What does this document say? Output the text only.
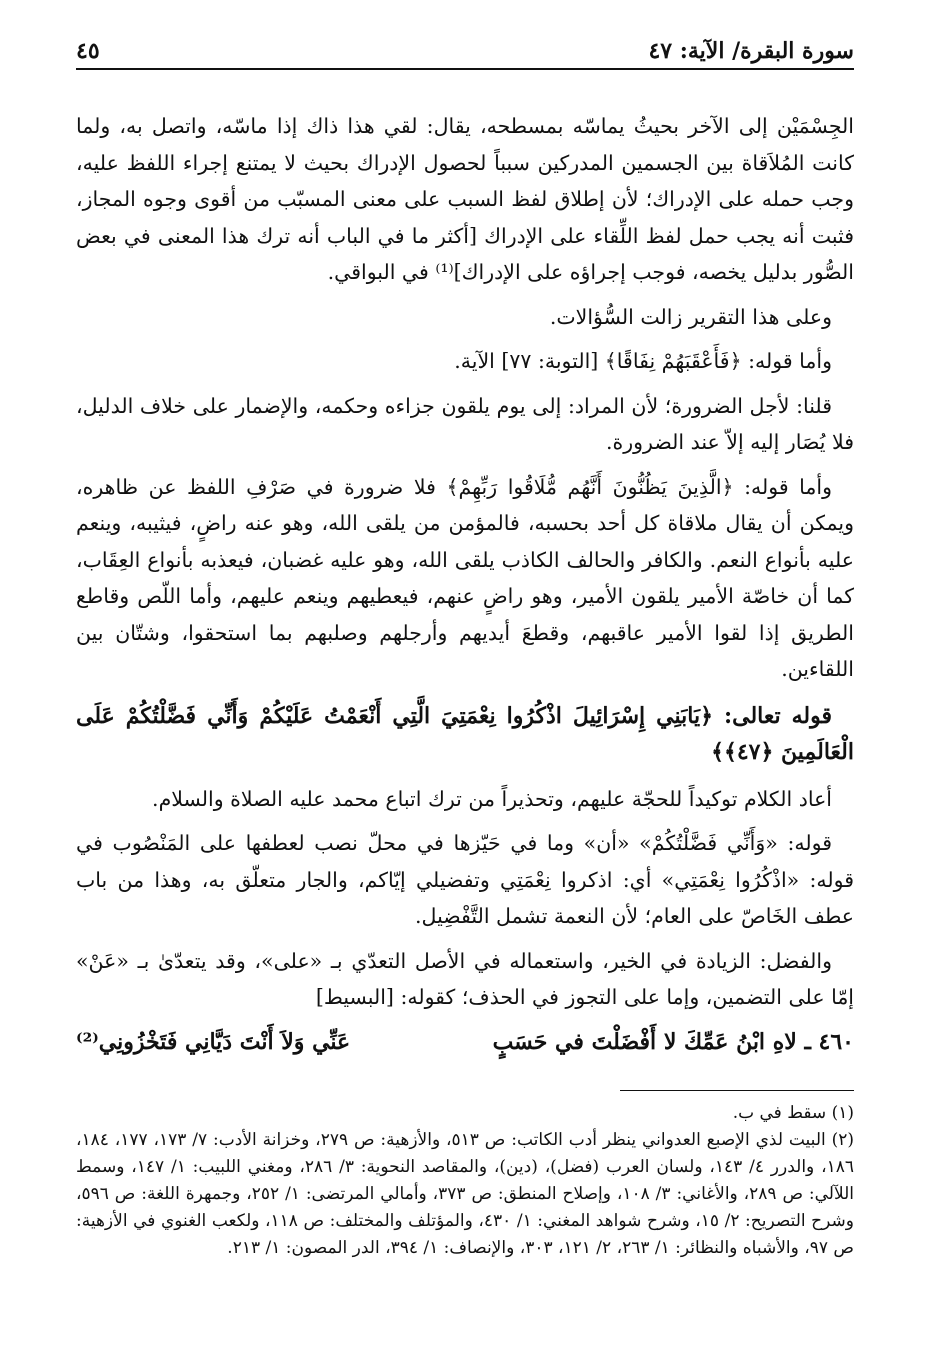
سورة البقرة/ الآية: ٤٧
٤٥

الجِسْمَيْن إلى الآخر بحيثُ يماسّه بمسطحه، يقال: لقي هذا ذاك إذا ماسّه، واتصل به، ولما كانت المُلاَقاة بين الجسمين المدركين سبباً لحصول الإدراك بحيث لا يمتنع إجراء اللفظ عليه، وجب حمله على الإدراك؛ لأن إطلاق لفظ السبب على معنى المسبّب من أقوى وجوه المجاز، فثبت أنه يجب حمل لفظ اللِّقاء على الإدراك [أكثر ما في الباب أنه ترك هذا المعنى في بعض الصُّور بدليل يخصه، فوجب إجراؤه على الإدراك]⁽¹⁾ في البواقي.

وعلى هذا التقرير زالت السُّؤالات.

وأما قوله: ﴿فَأَعْقَبَهُمْ نِفَاقًا﴾ [التوبة: ٧٧] الآية.

قلنا: لأجل الضرورة؛ لأن المراد: إلى يوم يلقون جزاءه وحكمه، والإضمار على خلاف الدليل، فلا يُصَار إليه إلاّ عند الضرورة.

وأما قوله: ﴿الَّذِينَ يَظُنُّونَ أَنَّهُم مُّلَاقُوا رَبِّهِمْ﴾ فلا ضرورة في صَرْفِ اللفظ عن ظاهره، ويمكن أن يقال ملاقاة كل أحد بحسبه، فالمؤمن من يلقى الله، وهو عنه راضٍ، فيثيبه، وينعم عليه بأنواع النعم. والكافر والحالف الكاذب يلقى الله، وهو عليه غضبان، فيعذبه بأنواع العِقَاب، كما أن خاصّة الأمير يلقون الأمير، وهو راضٍ عنهم، فيعطيهم وينعم عليهم، وأما اللّص وقاطع الطريق إذا لقوا الأمير عاقبهم، وقطعَ أيديهم وأرجلهم وصلبهم بما استحقوا، وشتّان بين اللقاءين.

قوله تعالى: ﴿يَابَنِي إِسْرَائِيلَ اذْكُرُوا نِعْمَتِيَ الَّتِي أَنْعَمْتُ عَلَيْكُمْ وَأَنِّي فَضَّلْتُكُمْ عَلَى الْعَالَمِينَ ﴿٤٧﴾﴾

أعاد الكلام توكيداً للحجّة عليهم، وتحذيراً من ترك اتباع محمد عليه الصلاة والسلام.

قوله: «وَأَنِّي فَضَّلْتُكُمْ» «أن» وما في حَيّزها في محلّ نصب لعطفها على المَنْصُوب في قوله: «اذْكُرُوا نِعْمَتِي» أي: اذكروا نِعْمَتِي وتفضيلي إيّاكم، والجار متعلّق به، وهذا من باب عطف الخَاصّ على العام؛ لأن النعمة تشمل التَّفْضِيل.

والفضل: الزيادة في الخير، واستعماله في الأصل التعدّي بـ «على»، وقد يتعدّىٰ بـ «عَنْ» إمّا على التضمين، وإما على التجوز في الحذف؛ كقوله: [البسيط]

٤٦٠ ـ لاهِ ابْنُ عَمِّكَ لا أَفْضَلْتَ في حَسَبٍ
عَنِّي وَلاَ أَنْتَ دَيَّانِي فَتَخْزُونِي⁽²⁾

(١) سقط في ب.

(٢) البيت لذي الإصبع العدواني ينظر أدب الكاتب: ص ٥١٣، والأزهية: ص ٢٧٩، وخزانة الأدب: ٧/ ١٧٣، ١٧٧، ١٨٤، ١٨٦، والدرر ٤/ ١٤٣، ولسان العرب (فضل)، (دين)، والمقاصد النحوية: ٣/ ٢٨٦، ومغني اللبيب: ١/ ١٤٧، وسمط اللآلي: ص ٢٨٩، والأغاني: ٣/ ١٠٨، وإصلاح المنطق: ص ٣٧٣، وأمالي المرتضى: ١/ ٢٥٢، وجمهرة اللغة: ص ٥٩٦، وشرح التصريح: ٢/ ١٥، وشرح شواهد المغني: ١/ ٤٣٠، والمؤتلف والمختلف: ص ١١٨، ولكعب الغنوي في الأزهية: ص ٩٧، والأشباه والنظائر: ١/ ٢٦٣، ٢/ ١٢١، ٣٠٣، والإنصاف: ١/ ٣٩٤، الدر المصون: ١/ ٢١٣.
